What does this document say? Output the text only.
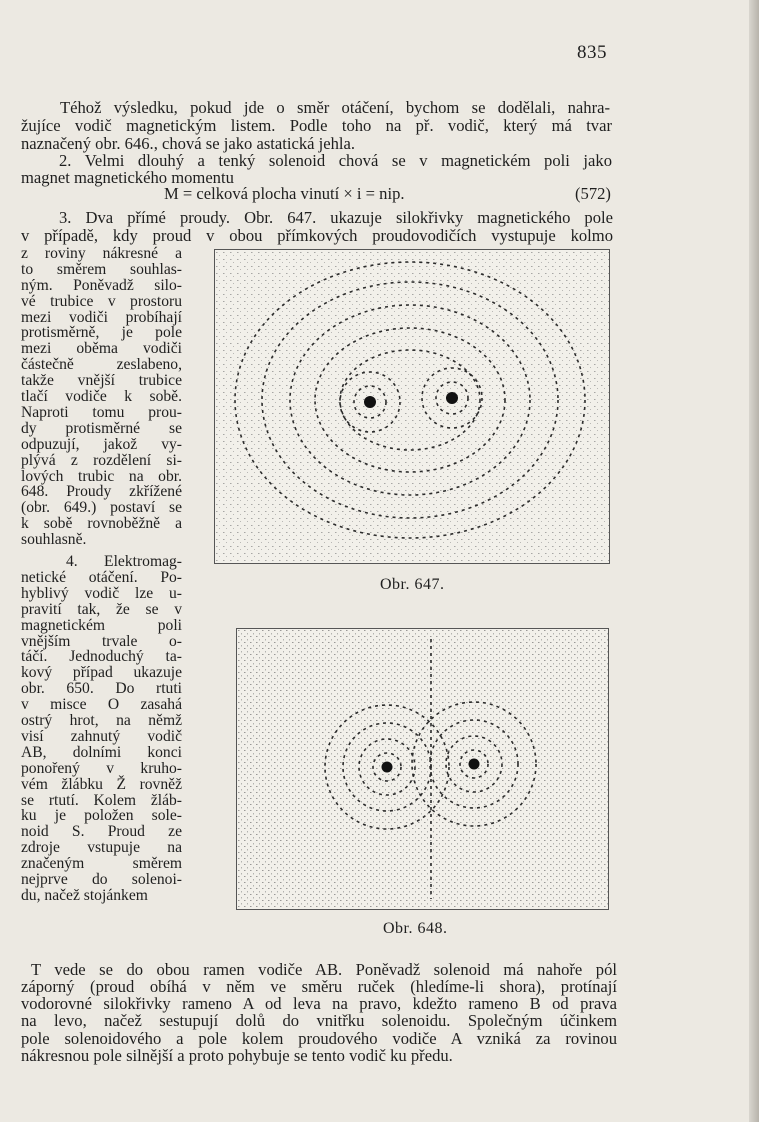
835
Téhož výsledku, pokud jde o směr otáčení, bychom se dodělali, nahra-
žujíce vodič magnetickým listem. Podle toho na př. vodič, který má tvar
naznačený obr. 646., chová se jako astatická jehla.
2. Velmi dlouhý a tenký solenoid chová se v magnetickém poli jako
magnet magnetického momentu
M = celková plocha vinutí × i = nip.	(572)
3. Dva přímé proudy. Obr. 647. ukazuje silokřivky magnetického pole
v případě, kdy proud v obou přímkových proudovodičích vystupuje kolmo
z roviny nákresné a
to směrem souhlas-
ným. Poněvadž silo-
vé trubice v prostoru
mezi vodiči probíhají
protisměrně, je pole
mezi oběma vodiči
částečně zeslabeno,
takže vnější trubice
tlačí vodiče k sobě.
Naproti tomu prou-
dy protisměrné se
odpuzují, jakož vy-
plývá z rozdělení si-
lových trubic na obr.
648. Proudy zkřížené
(obr. 649.) postaví se
k sobě rovnoběžně a
souhlasně.
4. Elektromag-
netické otáčení. Po-
hyblivý vodič lze u-
pravití tak, že se v
magnetickém poli
vnějším trvale o-
táčí. Jednoduchý ta-
kový případ ukazuje
obr. 650. Do rtuti
v misce O zasahá
ostrý hrot, na němž
visí zahnutý vodič
AB, dolními konci
ponořený v kruho-
vém žlábku Ž rovněž
se rtutí. Kolem žláb-
ku je položen sole-
noid S. Proud ze
zdroje vstupuje na
značeným směrem
nejprve do solenoi-
du, načež stojánkem
Obr. 647.
Obr. 648.
T vede se do obou ramen vodiče AB. Poněvadž solenoid má nahoře pól
záporný (proud obíhá v něm ve směru ruček (hledíme-li shora), protínají
vodorovné silokřivky rameno A od leva na pravo, kdežto rameno B od prava
na levo, načež sestupují dolů do vnitřku solenoidu. Společným účinkem
pole solenoidového a pole kolem proudového vodiče A vzniká za rovinou
nákresnou pole silnější a proto pohybuje se tento vodič ku předu.
